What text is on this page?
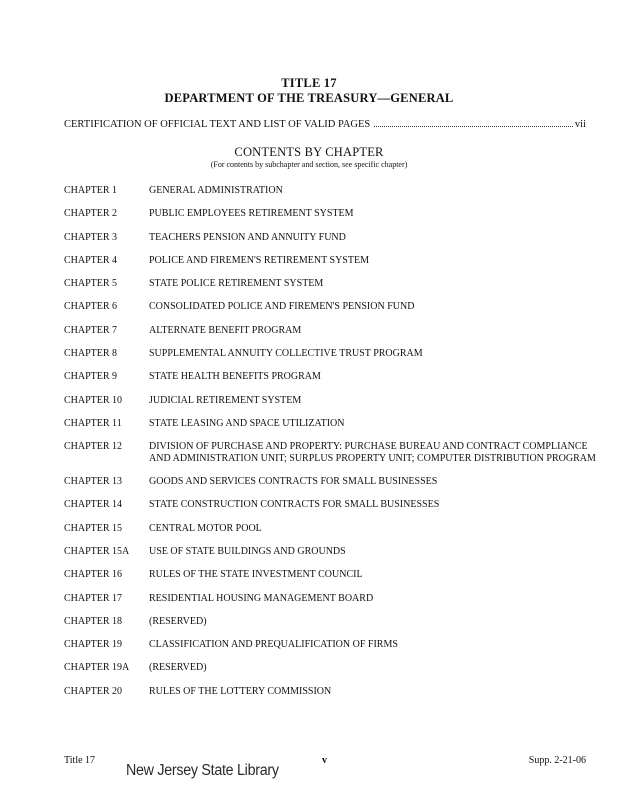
TITLE 17
DEPARTMENT OF THE TREASURY—GENERAL
CERTIFICATION OF OFFICIAL TEXT AND LIST OF VALID PAGES	vii
CONTENTS BY CHAPTER
(For contents by subchapter and section, see specific chapter)
CHAPTER 1	GENERAL ADMINISTRATION
CHAPTER 2	PUBLIC EMPLOYEES RETIREMENT SYSTEM
CHAPTER 3	TEACHERS PENSION AND ANNUITY FUND
CHAPTER 4	POLICE AND FIREMEN'S RETIREMENT SYSTEM
CHAPTER 5	STATE POLICE RETIREMENT SYSTEM
CHAPTER 6	CONSOLIDATED POLICE AND FIREMEN'S PENSION FUND
CHAPTER 7	ALTERNATE BENEFIT PROGRAM
CHAPTER 8	SUPPLEMENTAL ANNUITY COLLECTIVE TRUST PROGRAM
CHAPTER 9	STATE HEALTH BENEFITS PROGRAM
CHAPTER 10	JUDICIAL RETIREMENT SYSTEM
CHAPTER 11	STATE LEASING AND SPACE UTILIZATION
CHAPTER 12	DIVISION OF PURCHASE AND PROPERTY: PURCHASE BUREAU AND CONTRACT COMPLIANCE AND ADMINISTRATION UNIT; SURPLUS PROPERTY UNIT; COMPUTER DISTRIBUTION PROGRAM
CHAPTER 13	GOODS AND SERVICES CONTRACTS FOR SMALL BUSINESSES
CHAPTER 14	STATE CONSTRUCTION CONTRACTS FOR SMALL BUSINESSES
CHAPTER 15	CENTRAL MOTOR POOL
CHAPTER 15A	USE OF STATE BUILDINGS AND GROUNDS
CHAPTER 16	RULES OF THE STATE INVESTMENT COUNCIL
CHAPTER 17	RESIDENTIAL HOUSING MANAGEMENT BOARD
CHAPTER 18	(RESERVED)
CHAPTER 19	CLASSIFICATION AND PREQUALIFICATION OF FIRMS
CHAPTER 19A	(RESERVED)
CHAPTER 20	RULES OF THE LOTTERY COMMISSION
Title 17	v	Supp. 2-21-06
New Jersey State Library
